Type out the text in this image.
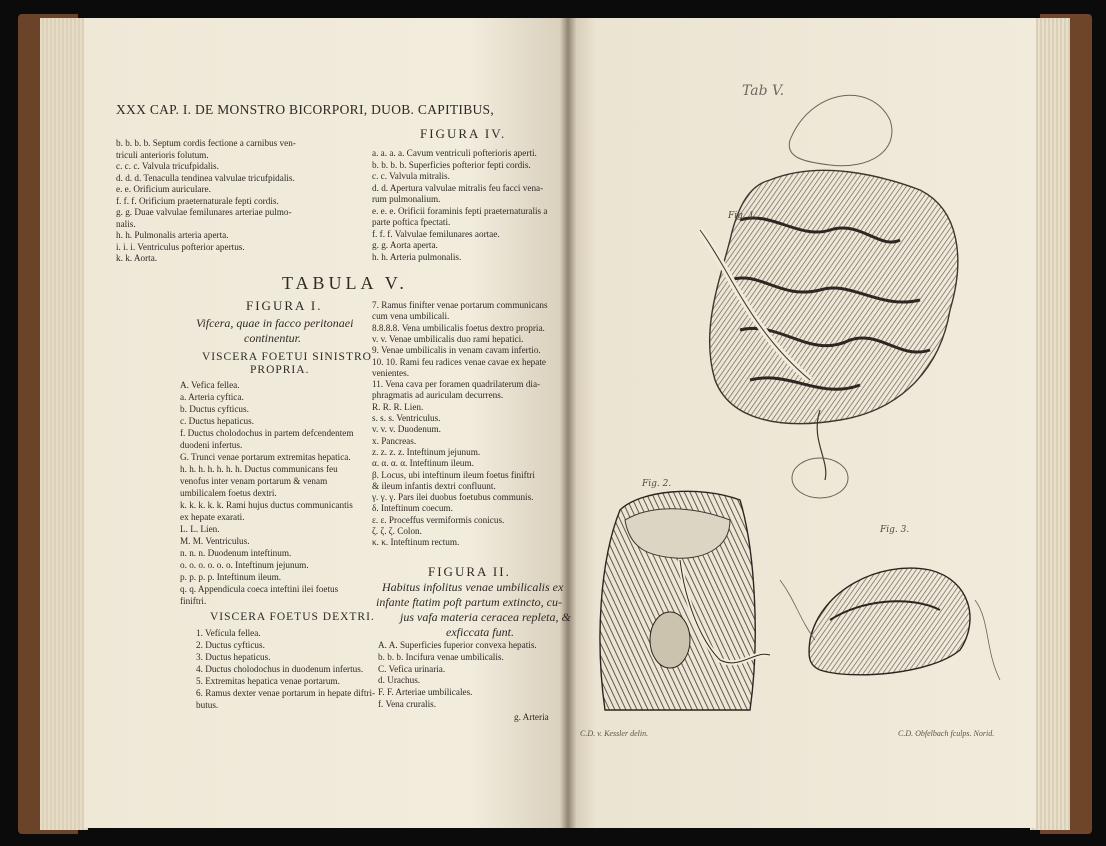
XXX CAP. I. DE MONSTRO BICORPORI, DUOB. CAPITIBUS,
b. b. b. b. Septum cordis fectione a carnibus ven-
triculi anterioris folutum.
c. c. c. Valvula tricufpidalis.
d. d. d. Tenaculla tendinea valvulae tricufpidalis.
e. e. Orificium auriculare.
f. f. f. Orificium praeternaturale fepti cordis.
g. g. Duae valvulae femilunares arteriae pulmo-
nalis.
h. h. Pulmonalis arteria aperta.
i. i. i. Ventriculus pofterior apertus.
k. k. Aorta.
FIGURA IV.
a. a. a. a. Cavum ventriculi pofterioris aperti.
b. b. b. b. Superficies pofterior fepti cordis.
c. c. Valvula mitralis.
d. d. Apertura valvulae mitralis feu facci vena-
rum pulmonalium.
e. e. e. Orificii foraminis fepti praeternaturalis a
parte poftica fpectati.
f. f. f. Valvulae femilunares aortae.
g. g. Aorta aperta.
h. h. Arteria pulmonalis.
TABULA V.
FIGURA I.
Vifcera, quae in facco peritonaei
continentur.
VISCERA FOETUI SINISTRO
PROPRIA.
A. Vefica fellea.
a. Arteria cyftica.
b. Ductus cyfticus.
c. Ductus hepaticus.
f. Ductus cholodochus in partem defcendentem
duodeni infertus.
G. Trunci venae portarum extremitas hepatica.
h. h. h. h. h. h. h. Ductus communicans feu
venofus inter venam portarum & venam
umbilicalem foetus dextri.
k. k. k. k. k. Rami hujus ductus communicantis
ex hepate exarati.
L. L. Lien.
M. M. Ventriculus.
n. n. n. Duodenum inteftinum.
o. o. o. o. o. o. Inteftinum jejunum.
p. p. p. p. Inteftinum ileum.
q. q. Appendicula coeca inteftini ilei foetus
finiftri.
VISCERA FOETUS DEXTRI.
1. Vefícula fellea.
2. Ductus cyfticus.
3. Ductus hepaticus.
4. Ductus cholodochus in duodenum infertus.
5. Extremitas hepatica venae portarum.
6. Ramus dexter venae portarum in hepate diftri-
butus.
7. Ramus finifter venae portarum communicans
cum vena umbilicali.
8.8.8.8. Vena umbilicalis foetus dextro propria.
v. v. Venae umbilicalis duo rami hepatici.
9. Venae umbilicalis in venam cavam infertio.
10. 10. Rami feu radices venae cavae ex hepate
venientes.
11. Vena cava per foramen quadrilaterum dia-
phragmatis ad auriculam decurrens.
R. R. R. Lien.
s. s. s. Ventriculus.
v. v. v. Duodenum.
x. Pancreas.
z. z. z. z. Inteftinum jejunum.
α. α. α. α. Inteftinum ileum.
β. Locus, ubi inteftinum ileum foetus finiftri
& ileum infantis dextri confluunt.
γ. γ. γ. Pars ilei duobus foetubus communis.
δ. Inteftinum coecum.
ε. ε. Proceffus vermiformis conicus.
ζ. ζ. ζ. Colon.
κ. κ. Inteftinum rectum.
FIGURA II.
Habitus infolitus venae umbilicalis ex
infante ftatim poft partum extincto, cu-
jus vafa materia ceracea repleta, &
exficcata funt.
A. A. Superficies fuperior convexa hepatis.
b. b. b. Incifura venae umbilicalis.
C. Vefica urinaria.
d. Urachus.
F. F. Arteriae umbilicales.
f. Vena cruralis.
g. Arteria
Tab V.
Fig. 1.
Fig. 2.
Fig. 3.
C.D. v. Kessler delin.	C.D. Obfelbach fculps. Norid.
